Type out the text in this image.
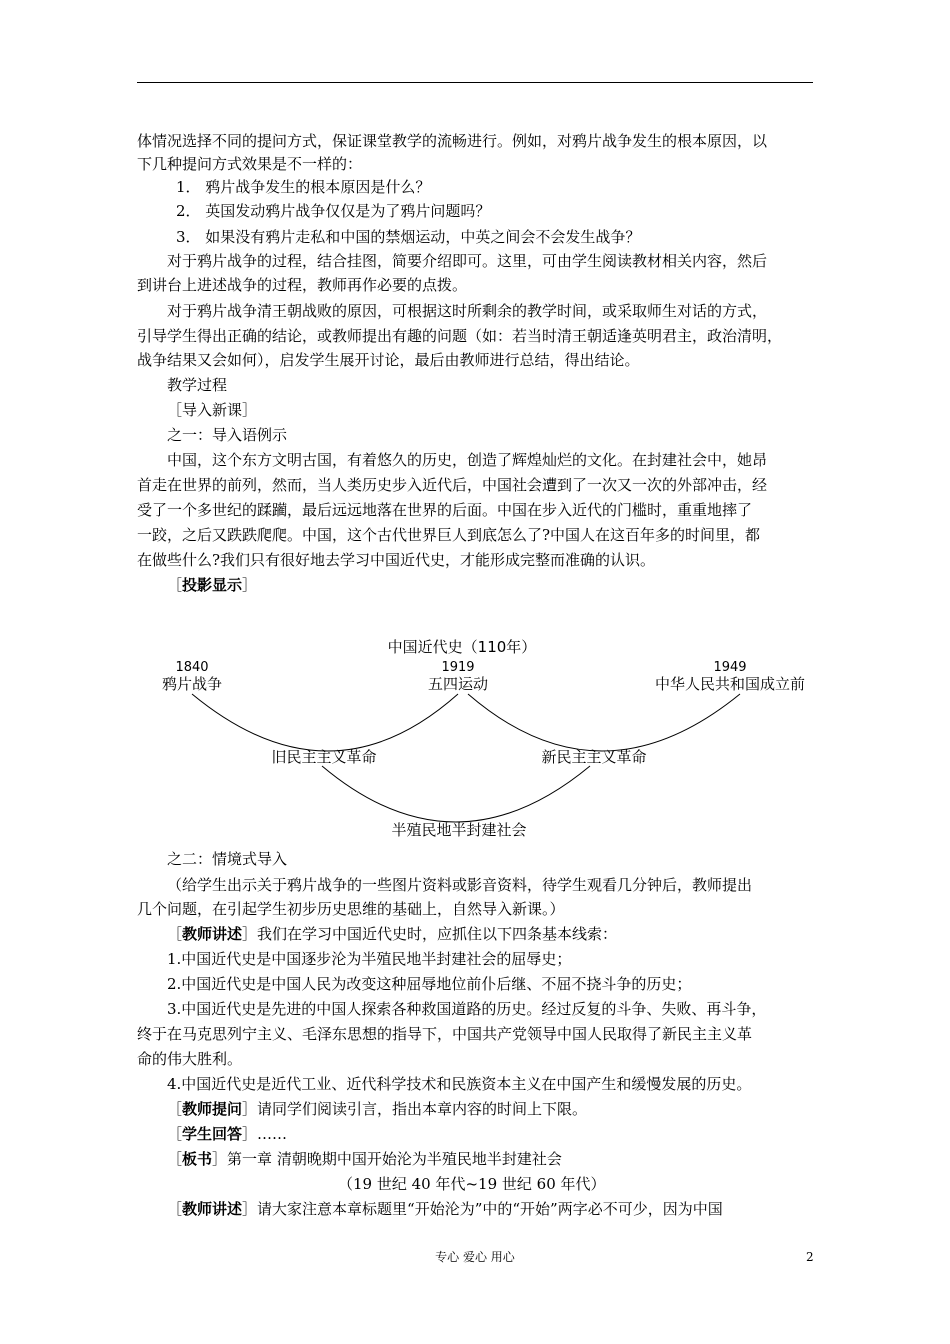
体情况选择不同的提问方式，保证课堂教学的流畅进行。例如，对鸦片战争发生的根本原因，以
下几种提问方式效果是不一样的：
1． 鸦片战争发生的根本原因是什么？
2． 英国发动鸦片战争仅仅是为了鸦片问题吗？
3． 如果没有鸦片走私和中国的禁烟运动，中英之间会不会发生战争？
对于鸦片战争的过程，结合挂图，简要介绍即可。这里，可由学生阅读教材相关内容，然后
到讲台上进述战争的过程，教师再作必要的点拨。
对于鸦片战争清王朝战败的原因，可根据这时所剩余的教学时间，或采取师生对话的方式，
引导学生得出正确的结论，或教师提出有趣的问题（如：若当时清王朝适逢英明君主，政治清明，
战争结果又会如何），启发学生展开讨论，最后由教师进行总结，得出结论。
教学过程
［导入新课］
之一：导入语例示
中国，这个东方文明古国，有着悠久的历史，创造了辉煌灿烂的文化。在封建社会中，她昂
首走在世界的前列，然而，当人类历史步入近代后，中国社会遭到了一次又一次的外部冲击，经
受了一个多世纪的蹂躏，最后远远地落在世界的后面。中国在步入近代的门槛时，重重地摔了
一跤，之后又跌跌爬爬。中国，这个古代世界巨人到底怎么了?中国人在这百年多的时间里，都
在做些什么?我们只有很好地去学习中国近代史，才能形成完整而准确的认识。
［投影显示］
中国近代史（110年）
1840
鸦片战争
1919
五四运动
1949
中华人民共和国成立前
旧民主主义革命	新民主主义革命
半殖民地半封建社会
之二：情境式导入
（给学生出示关于鸦片战争的一些图片资料或影音资料，待学生观看几分钟后，教师提出
几个问题，在引起学生初步历史思维的基础上，自然导入新课。）
［教师讲述］我们在学习中国近代史时，应抓住以下四条基本线索：
1.中国近代史是中国逐步沦为半殖民地半封建社会的屈辱史；
2.中国近代史是中国人民为改变这种屈辱地位前仆后继、不屈不挠斗争的历史；
3.中国近代史是先进的中国人探索各种救国道路的历史。经过反复的斗争、失败、再斗争，
终于在马克思列宁主义、毛泽东思想的指导下，中国共产党领导中国人民取得了新民主主义革
命的伟大胜利。
4.中国近代史是近代工业、近代科学技术和民族资本主义在中国产生和缓慢发展的历史。
［教师提问］请同学们阅读引言，指出本章内容的时间上下限。
［学生回答］……
［板书］第一章 清朝晚期中国开始沦为半殖民地半封建社会
（19 世纪 40 年代~19 世纪 60 年代）
［教师讲述］请大家注意本章标题里“开始沦为”中的“开始”两字必不可少，因为中国
专心 爱心 用心	2
